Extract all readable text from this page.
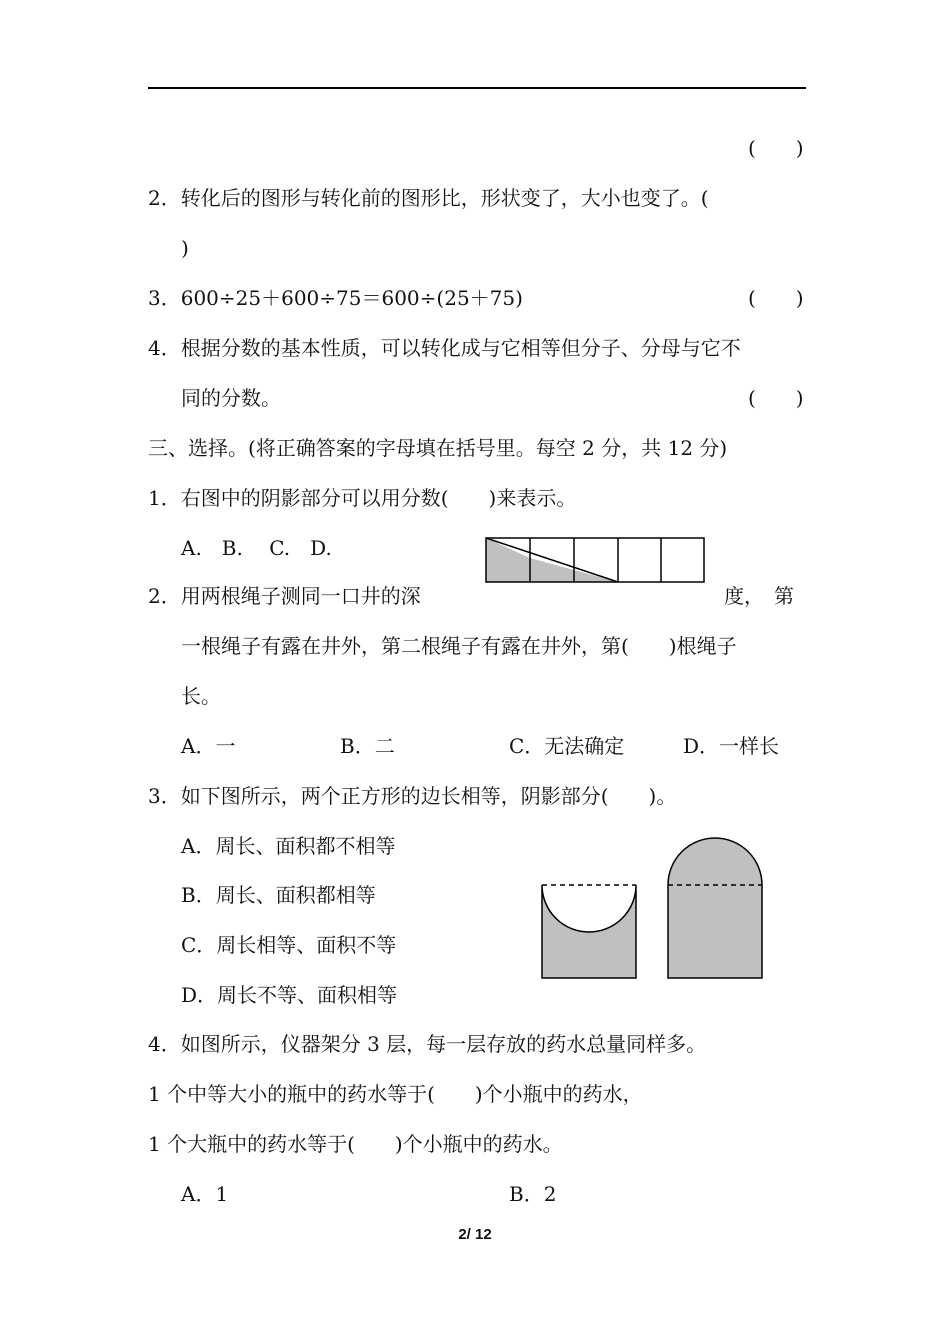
(　　)
2．转化后的图形与转化前的图形比，形状变了，大小也变了。(
)
3．600÷25＋600÷75＝600÷(25＋75)	(　　)
4．根据分数的基本性质，可以转化成与它相等但分子、分母与它不
同的分数。	(　　)
三、选择。(将正确答案的字母填在括号里。每空 2 分，共 12 分)
1．右图中的阴影部分可以用分数(　　)来表示。
A.　B.　 C.　D.
2．用两根绳子测同一口井的深	度，　第
一根绳子有露在井外，第二根绳子有露在井外，第(　　)根绳子
长。
A．一	B．二	C．无法确定	D．一样长
3．如下图所示，两个正方形的边长相等，阴影部分(　　)。
A．周长、面积都不相等
B．周长、面积都相等
C．周长相等、面积不等
D．周长不等、面积相等
4．如图所示，仪器架分 3 层，每一层存放的药水总量同样多。
1 个中等大小的瓶中的药水等于(　　)个小瓶中的药水，
1 个大瓶中的药水等于(　　)个小瓶中的药水。
A．1	B．2
2/ 12
